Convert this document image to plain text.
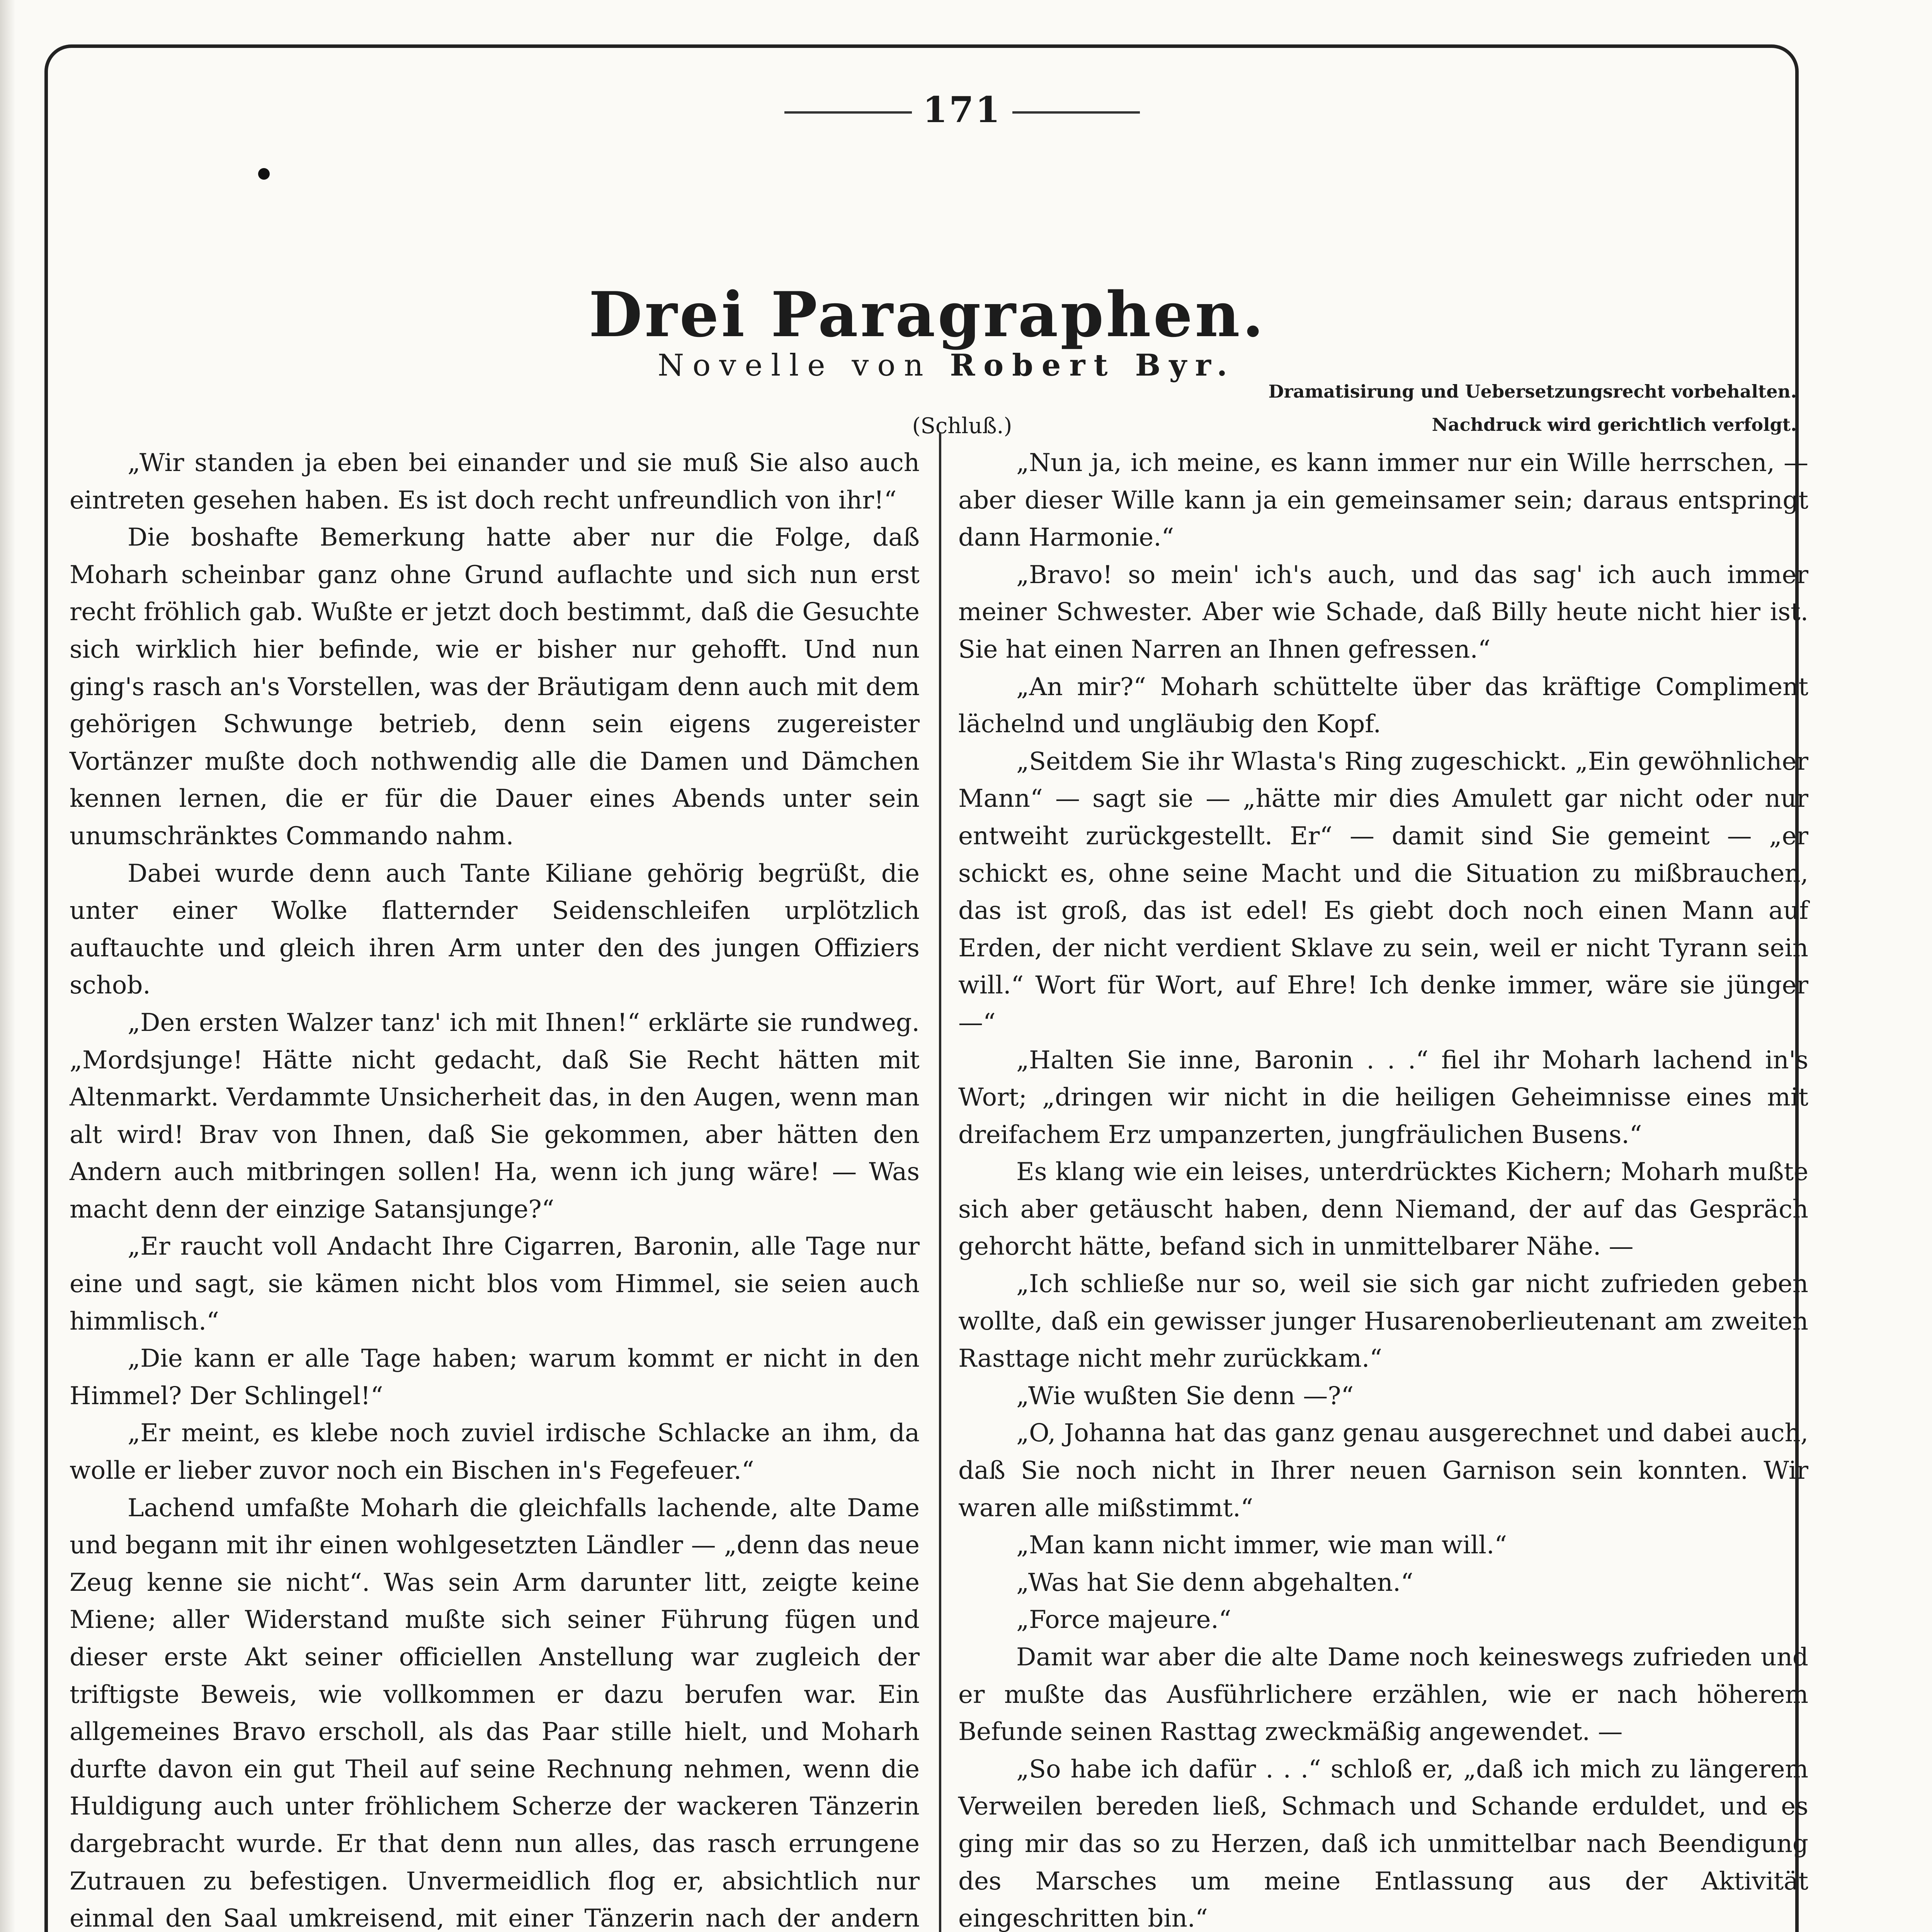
171
Drei Paragraphen.
Novelle von Robert Byr.
Dramatisirung und Uebersetzungsrecht vorbehalten.
Nachdruck wird gerichtlich verfolgt.
(Schluß.)

„Wir standen ja eben bei einander und sie muß Sie also auch eintreten gesehen haben. Es ist doch recht unfreundlich von ihr!“

Die boshafte Bemerkung hatte aber nur die Folge, daß Moharh scheinbar ganz ohne Grund auflachte und sich nun erst recht fröhlich gab. Wußte er jetzt doch bestimmt, daß die Gesuchte sich wirklich hier befinde, wie er bisher nur gehofft. Und nun ging's rasch an's Vorstellen, was der Bräutigam denn auch mit dem gehörigen Schwunge betrieb, denn sein eigens zugereister Vortänzer mußte doch nothwendig alle die Damen und Dämchen kennen lernen, die er für die Dauer eines Abends unter sein unumschränktes Commando nahm.

Dabei wurde denn auch Tante Kiliane gehörig begrüßt, die unter einer Wolke flatternder Seidenschleifen urplötzlich auftauchte und gleich ihren Arm unter den des jungen Offiziers schob.

„Den ersten Walzer tanz' ich mit Ihnen!“ erklärte sie rundweg. „Mordsjunge! Hätte nicht gedacht, daß Sie Recht hätten mit Altenmarkt. Verdammte Unsicherheit das, in den Augen, wenn man alt wird! Brav von Ihnen, daß Sie gekommen, aber hätten den Andern auch mitbringen sollen! Ha, wenn ich jung wäre! — Was macht denn der einzige Satansjunge?“

„Er raucht voll Andacht Ihre Cigarren, Baronin, alle Tage nur eine und sagt, sie kämen nicht blos vom Himmel, sie seien auch himmlisch.“

„Die kann er alle Tage haben; warum kommt er nicht in den Himmel? Der Schlingel!“

„Er meint, es klebe noch zuviel irdische Schlacke an ihm, da wolle er lieber zuvor noch ein Bischen in's Fegefeuer.“

Lachend umfaßte Moharh die gleichfalls lachende, alte Dame und begann mit ihr einen wohlgesetzten Ländler — „denn das neue Zeug kenne sie nicht“. Was sein Arm darunter litt, zeigte keine Miene; aller Widerstand mußte sich seiner Führung fügen und dieser erste Akt seiner officiellen Anstellung war zugleich der triftigste Beweis, wie vollkommen er dazu berufen war. Ein allgemeines Bravo erscholl, als das Paar stille hielt, und Moharh durfte davon ein gut Theil auf seine Rechnung nehmen, wenn die Huldigung auch unter fröhlichem Scherze der wackeren Tänzerin dargebracht wurde. Er that denn nun alles, das rasch errungene Zutrauen zu befestigen. Unvermeidlich flog er, absichtlich nur einmal den Saal umkreisend, mit einer Tänzerin nach der andern

„Nun ja, ich meine, es kann immer nur ein Wille herrschen, — aber dieser Wille kann ja ein gemeinsamer sein; daraus entspringt dann Harmonie.“

„Bravo! so mein' ich's auch, und das sag' ich auch immer meiner Schwester. Aber wie Schade, daß Billy heute nicht hier ist. Sie hat einen Narren an Ihnen gefressen.“

„An mir?“ Moharh schüttelte über das kräftige Compliment lächelnd und ungläubig den Kopf.

„Seitdem Sie ihr Wlasta's Ring zugeschickt. „Ein gewöhnlicher Mann“ — sagt sie — „hätte mir dies Amulett gar nicht oder nur entweiht zurückgestellt. Er“ — damit sind Sie gemeint — „er schickt es, ohne seine Macht und die Situation zu mißbrauchen, das ist groß, das ist edel! Es giebt doch noch einen Mann auf Erden, der nicht verdient Sklave zu sein, weil er nicht Tyrann sein will.“ Wort für Wort, auf Ehre! Ich denke immer, wäre sie jünger —“

„Halten Sie inne, Baronin . . .“ fiel ihr Moharh lachend in's Wort; „dringen wir nicht in die heiligen Geheimnisse eines mit dreifachem Erz umpanzerten, jungfräulichen Busens.“

Es klang wie ein leises, unterdrücktes Kichern; Moharh mußte sich aber getäuscht haben, denn Niemand, der auf das Gespräch gehorcht hätte, befand sich in unmittelbarer Nähe. —

„Ich schließe nur so, weil sie sich gar nicht zufrieden geben wollte, daß ein gewisser junger Husarenoberlieutenant am zweiten Rasttage nicht mehr zurückkam.“

„Wie wußten Sie denn —?“

„O, Johanna hat das ganz genau ausgerechnet und dabei auch, daß Sie noch nicht in Ihrer neuen Garnison sein konnten. Wir waren alle mißstimmt.“

„Man kann nicht immer, wie man will.“

„Was hat Sie denn abgehalten.“

„Force majeure.“

Damit war aber die alte Dame noch keineswegs zufrieden und er mußte das Ausführlichere erzählen, wie er nach höherem Befunde seinen Rasttag zweckmäßig angewendet. —

„So habe ich dafür . . .“ schloß er, „daß ich mich zu längerem Verweilen bereden ließ, Schmach und Schande erduldet, und es ging mir das so zu Herzen, daß ich unmittelbar nach Beendigung des Marsches um meine Entlassung aus der Aktivität eingeschritten bin.“
